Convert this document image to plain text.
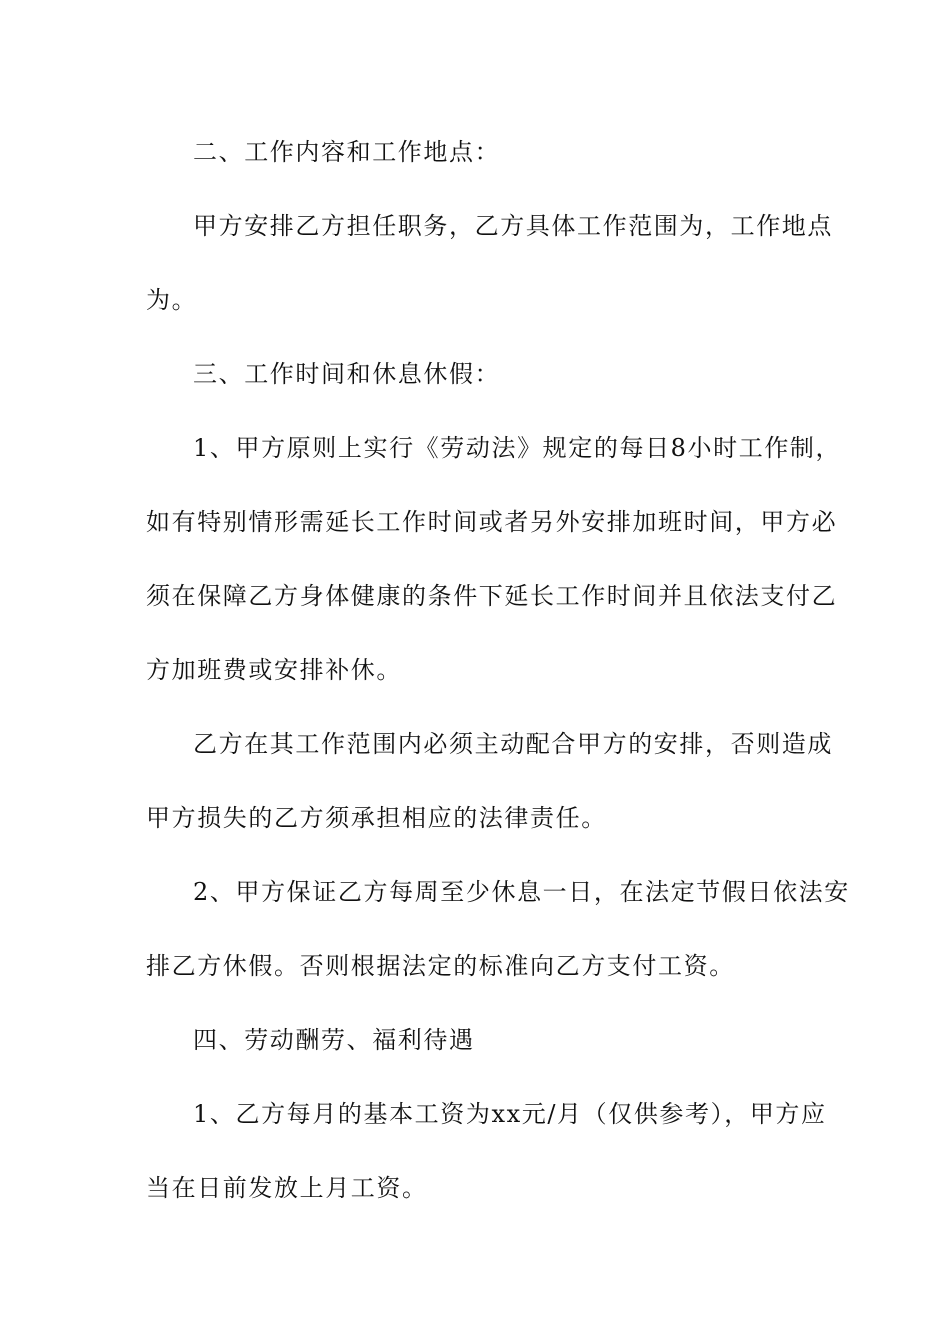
二、工作内容和工作地点：
甲方安排乙方担任职务，乙方具体工作范围为，工作地点
为。
三、工作时间和休息休假：
1、甲方原则上实行《劳动法》规定的每日8小时工作制，
如有特别情形需延长工作时间或者另外安排加班时间，甲方必
须在保障乙方身体健康的条件下延长工作时间并且依法支付乙
方加班费或安排补休。
乙方在其工作范围内必须主动配合甲方的安排，否则造成
甲方损失的乙方须承担相应的法律责任。
2、甲方保证乙方每周至少休息一日，在法定节假日依法安
排乙方休假。否则根据法定的标准向乙方支付工资。
四、劳动酬劳、福利待遇
1、乙方每月的基本工资为xx元/月（仅供参考），甲方应
当在日前发放上月工资。
